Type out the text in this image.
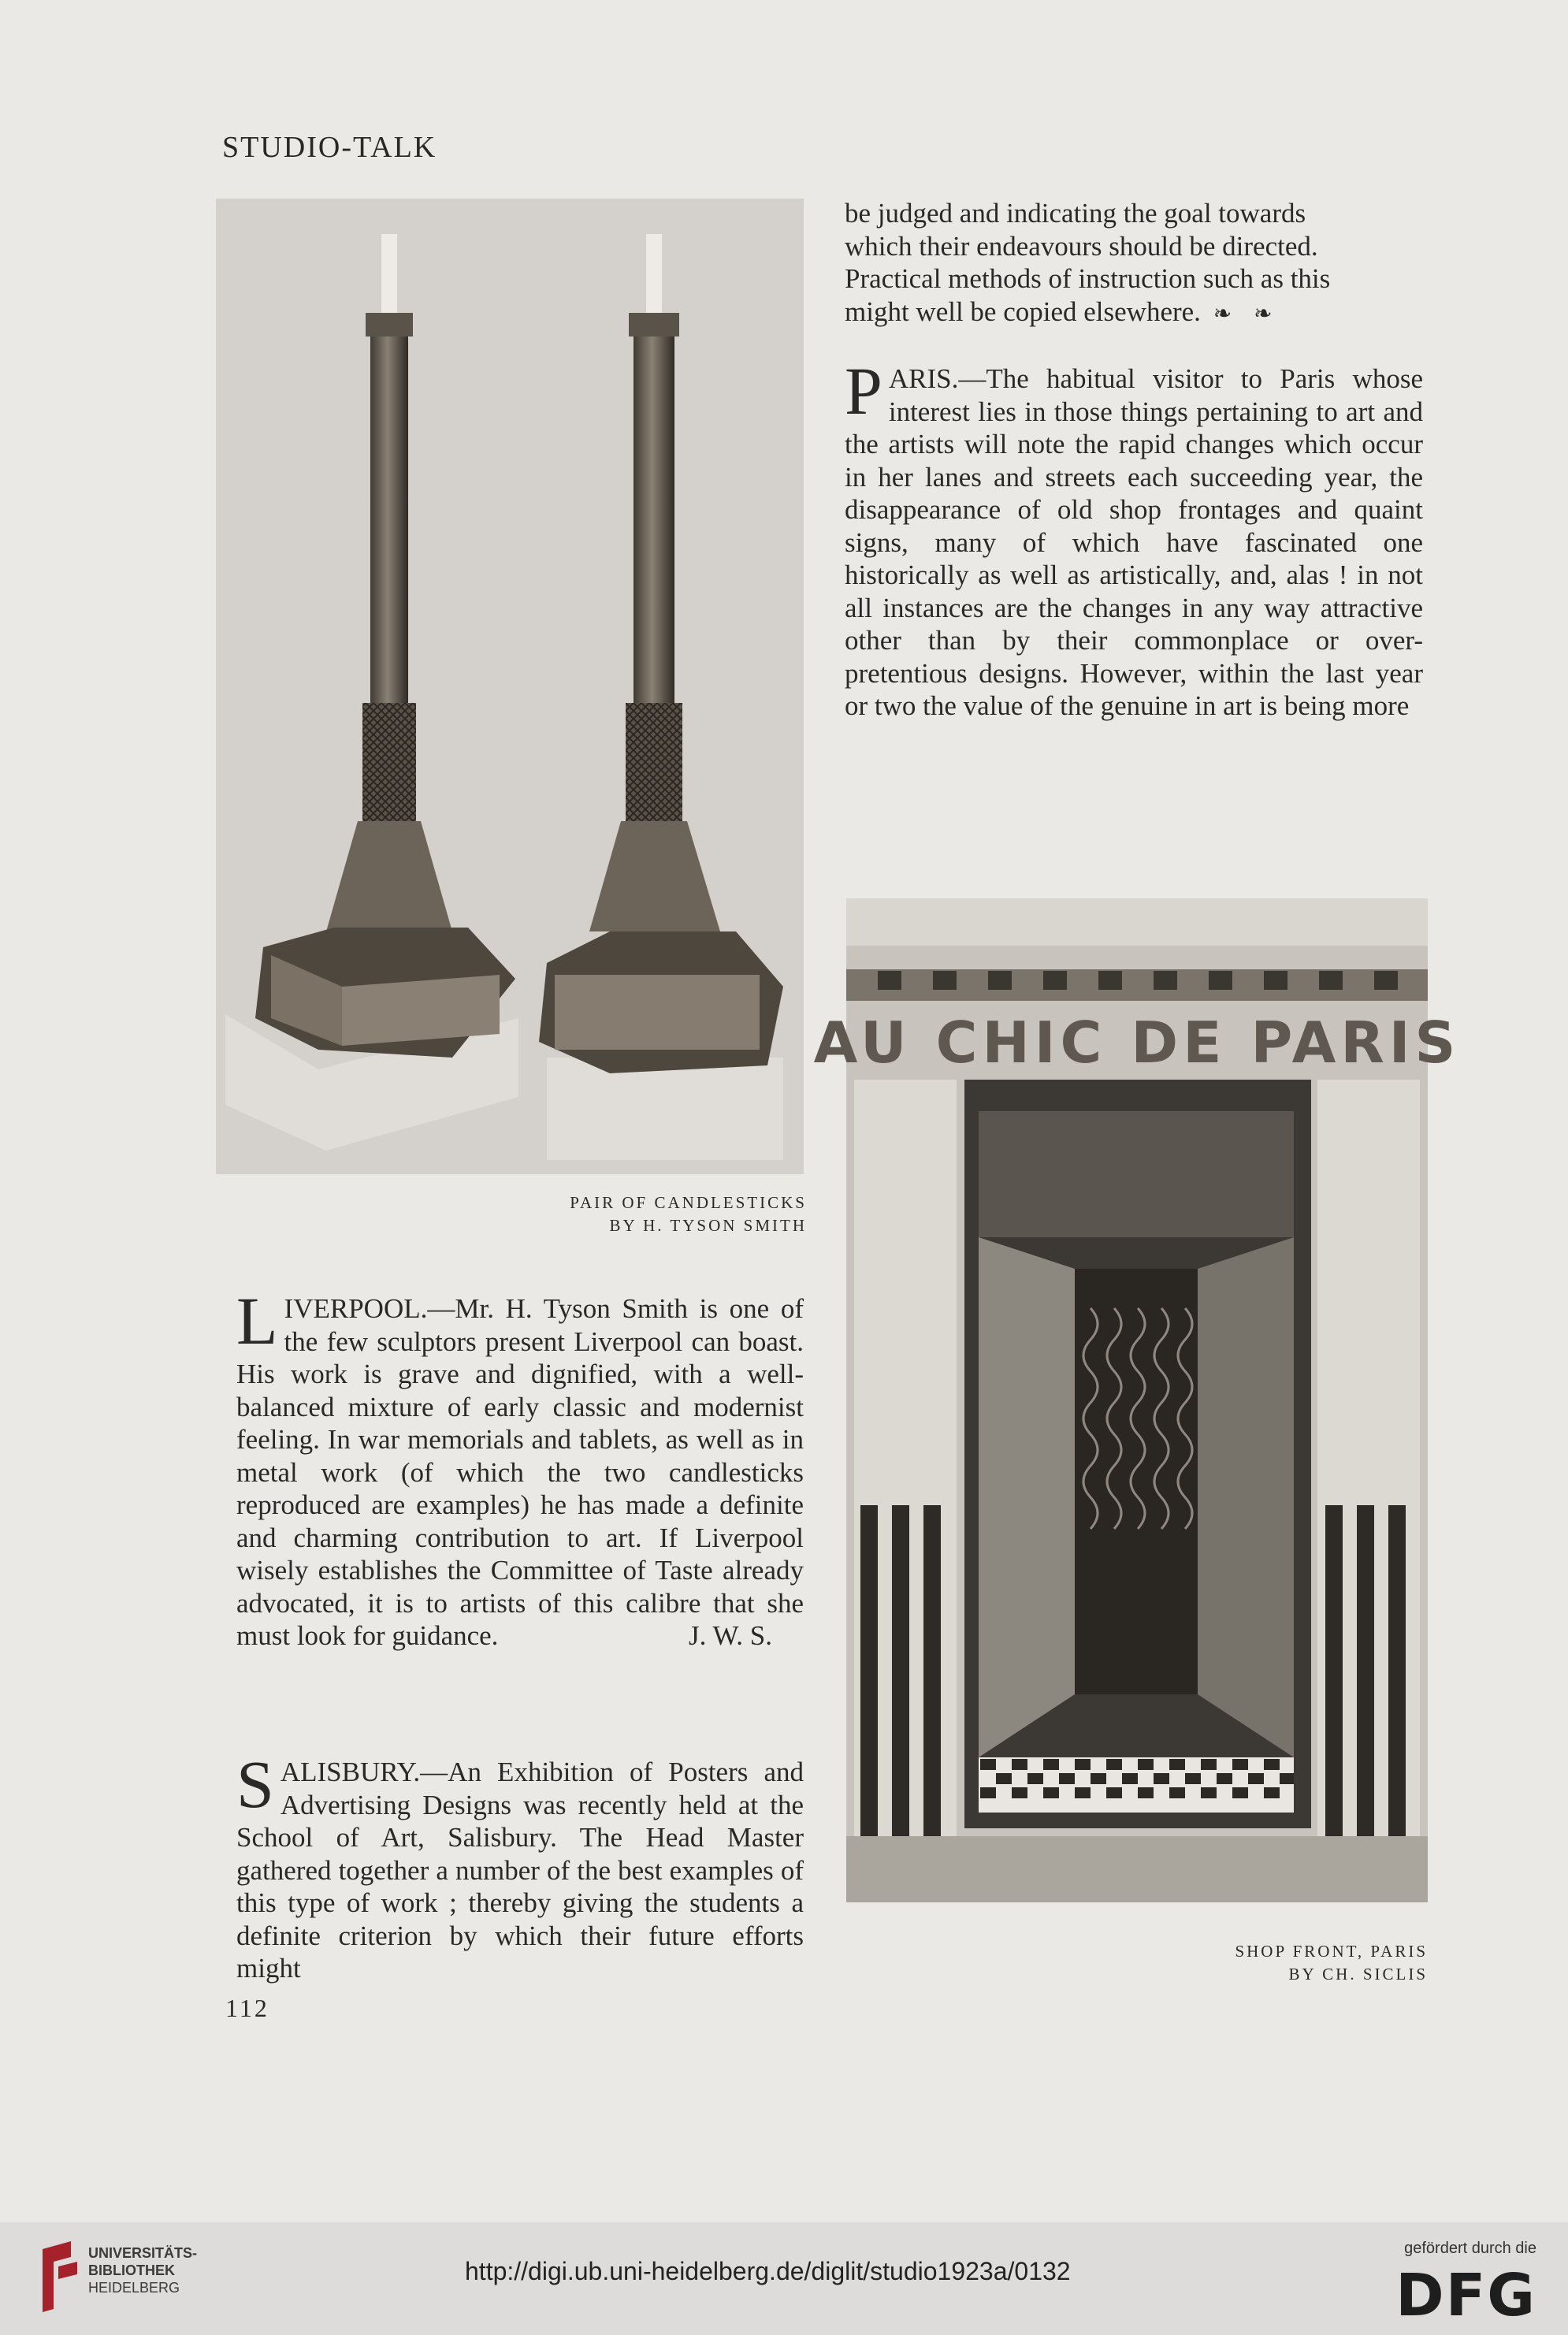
STUDIO-TALK
PAIR OF CANDLESTICKS
BY H. TYSON SMITH

be judged and indicating the goal towards

which their endeavours should be directed.

Practical methods of instruction such as this

might well be copied elsewhere.  ❧    ❧

P ARIS.—The habitual visitor to Paris whose interest lies in those things pertaining to art and the artists will note the rapid changes which occur in her lanes and streets each succeeding year, the disappearance of old shop frontages and quaint signs, many of which have fascinated one historically as well as artistically, and, alas ! in not all instances are the changes in any way attractive other than by their commonplace or over-pretentious designs. However, within the last year or two the value of the genuine in art is being more

AU CHIC DE PARIS
SHOP FRONT, PARIS
BY CH. SICLIS

L IVERPOOL.—Mr. H. Tyson Smith is one of the few sculptors present Liverpool can boast. His work is grave and dignified, with a well-balanced mixture of early classic and modernist feeling. In war memorials and tablets, as well as in metal work (of which the two candlesticks reproduced are examples) he has made a definite and charming contribution to art. If Liverpool wisely establishes the Committee of Taste already advocated, it is to artists of this calibre that she must look for guidance.	J. W. S.

S ALISBURY.—An Exhibition of Posters and Advertising Designs was recently held at the School of Art, Salisbury. The Head Master gathered together a number of the best examples of this type of work ; thereby giving the students a definite criterion by which their future efforts might

112
UNIVERSITÄTS-
BIBLIOTHEK
HEIDELBERG
http://digi.ub.uni-heidelberg.de/diglit/studio1923a/0132
gefördert durch die
DFG
